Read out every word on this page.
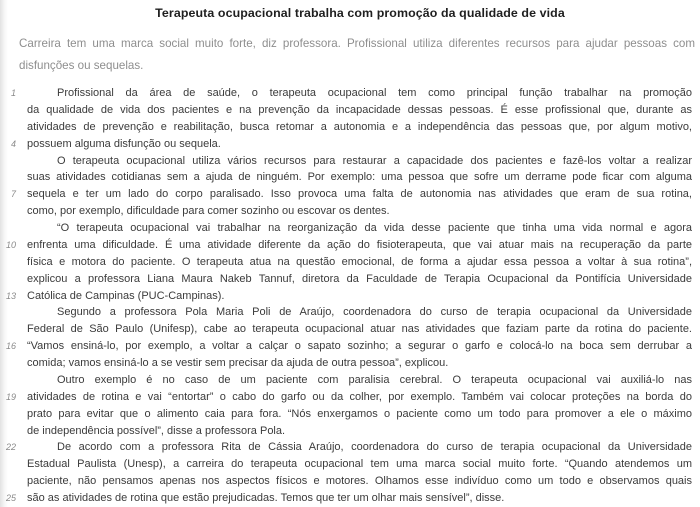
Terapeuta ocupacional trabalha com promoção da qualidade de vida
Carreira tem uma marca social muito forte, diz professora. Profissional utiliza diferentes recursos para ajudar pessoas com
disfunções ou sequelas.
1	Profissional da área de saúde, o terapeuta ocupacional tem como principal função trabalhar na promoção
da qualidade de vida dos pacientes e na prevenção da incapacidade dessas pessoas. É esse profissional que, durante as
atividades de prevenção e reabilitação, busca retomar a autonomia e a independência das pessoas que, por algum motivo,
4 possuem alguma disfunção ou sequela.
O terapeuta ocupacional utiliza vários recursos para restaurar a capacidade dos pacientes e fazê-los voltar a realizar
suas atividades cotidianas sem a ajuda de ninguém. Por exemplo: uma pessoa que sofre um derrame pode ficar com alguma
7 sequela e ter um lado do corpo paralisado. Isso provoca uma falta de autonomia nas atividades que eram de sua rotina,
como, por exemplo, dificuldade para comer sozinho ou escovar os dentes.
“O terapeuta ocupacional vai trabalhar na reorganização da vida desse paciente que tinha uma vida normal e agora
10 enfrenta uma dificuldade. É uma atividade diferente da ação do fisioterapeuta, que vai atuar mais na recuperação da parte
física e motora do paciente. O terapeuta atua na questão emocional, de forma a ajudar essa pessoa a voltar à sua rotina”,
explicou a professora Liana Maura Nakeb Tannuf, diretora da Faculdade de Terapia Ocupacional da Pontifícia Universidade
13 Católica de Campinas (PUC-Campinas).
Segundo a professora Pola Maria Poli de Araújo, coordenadora do curso de terapia ocupacional da Universidade
Federal de São Paulo (Unifesp), cabe ao terapeuta ocupacional atuar nas atividades que faziam parte da rotina do paciente.
16 “Vamos ensiná-lo, por exemplo, a voltar a calçar o sapato sozinho; a segurar o garfo e colocá-lo na boca sem derrubar a
comida; vamos ensiná-lo a se vestir sem precisar da ajuda de outra pessoa”, explicou.
Outro exemplo é no caso de um paciente com paralisia cerebral. O terapeuta ocupacional vai auxiliá-lo nas
19 atividades de rotina e vai “entortar” o cabo do garfo ou da colher, por exemplo. Também vai colocar proteções na borda do
prato para evitar que o alimento caia para fora. “Nós enxergamos o paciente como um todo para promover a ele o máximo
de independência possível”, disse a professora Pola.
22	De acordo com a professora Rita de Cássia Araújo, coordenadora do curso de terapia ocupacional da Universidade
Estadual Paulista (Unesp), a carreira do terapeuta ocupacional tem uma marca social muito forte. “Quando atendemos um
paciente, não pensamos apenas nos aspectos físicos e motores. Olhamos esse indivíduo como um todo e observamos quais
25 são as atividades de rotina que estão prejudicadas. Temos que ter um olhar mais sensível”, disse.
